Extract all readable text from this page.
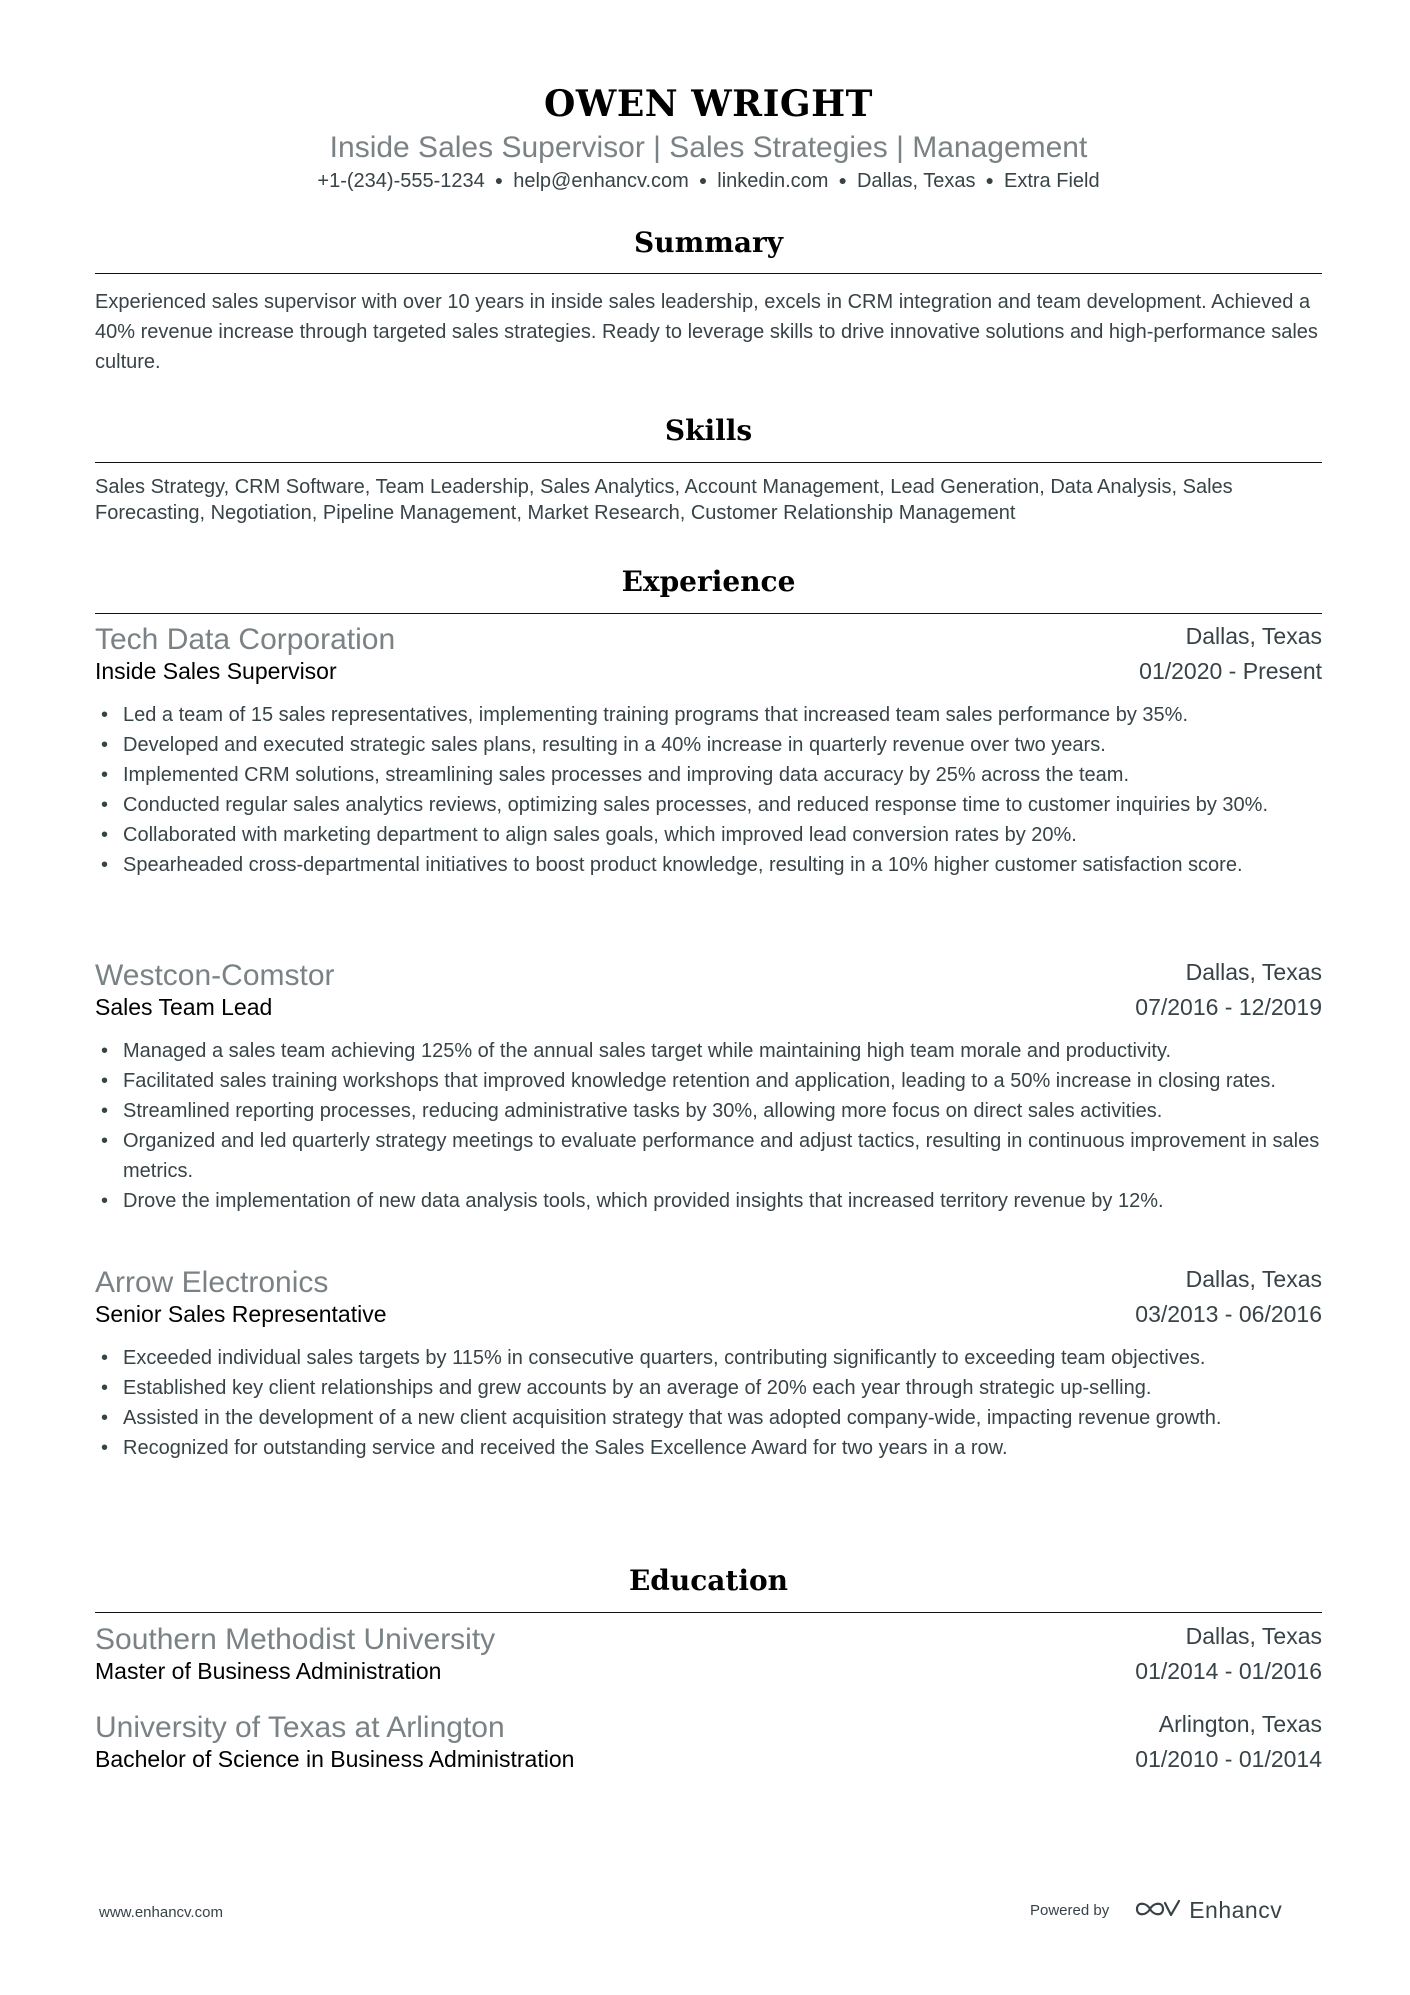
OWEN WRIGHT
Inside Sales Supervisor | Sales Strategies | Management
+1-(234)-555-1234 ● help@enhancv.com ● linkedin.com ● Dallas, Texas ● Extra Field
Summary
Experienced sales supervisor with over 10 years in inside sales leadership, excels in CRM integration and team development. Achieved a 40% revenue increase through targeted sales strategies. Ready to leverage skills to drive innovative solutions and high-performance sales culture.
Skills
Sales Strategy, CRM Software, Team Leadership, Sales Analytics, Account Management, Lead Generation, Data Analysis, Sales Forecasting, Negotiation, Pipeline Management, Market Research, Customer Relationship Management
Experience
Tech Data Corporation	Dallas, Texas
Inside Sales Supervisor	01/2020 - Present
• Led a team of 15 sales representatives, implementing training programs that increased team sales performance by 35%.
• Developed and executed strategic sales plans, resulting in a 40% increase in quarterly revenue over two years.
• Implemented CRM solutions, streamlining sales processes and improving data accuracy by 25% across the team.
• Conducted regular sales analytics reviews, optimizing sales processes, and reduced response time to customer inquiries by 30%.
• Collaborated with marketing department to align sales goals, which improved lead conversion rates by 20%.
• Spearheaded cross-departmental initiatives to boost product knowledge, resulting in a 10% higher customer satisfaction score.
Westcon-Comstor	Dallas, Texas
Sales Team Lead	07/2016 - 12/2019
• Managed a sales team achieving 125% of the annual sales target while maintaining high team morale and productivity.
• Facilitated sales training workshops that improved knowledge retention and application, leading to a 50% increase in closing rates.
• Streamlined reporting processes, reducing administrative tasks by 30%, allowing more focus on direct sales activities.
• Organized and led quarterly strategy meetings to evaluate performance and adjust tactics, resulting in continuous improvement in sales metrics.
• Drove the implementation of new data analysis tools, which provided insights that increased territory revenue by 12%.
Arrow Electronics	Dallas, Texas
Senior Sales Representative	03/2013 - 06/2016
• Exceeded individual sales targets by 115% in consecutive quarters, contributing significantly to exceeding team objectives.
• Established key client relationships and grew accounts by an average of 20% each year through strategic up-selling.
• Assisted in the development of a new client acquisition strategy that was adopted company-wide, impacting revenue growth.
• Recognized for outstanding service and received the Sales Excellence Award for two years in a row.
Education
Southern Methodist University	Dallas, Texas
Master of Business Administration	01/2014 - 01/2016
University of Texas at Arlington	Arlington, Texas
Bachelor of Science in Business Administration	01/2010 - 01/2014
www.enhancv.com	Powered by	Enhancv
